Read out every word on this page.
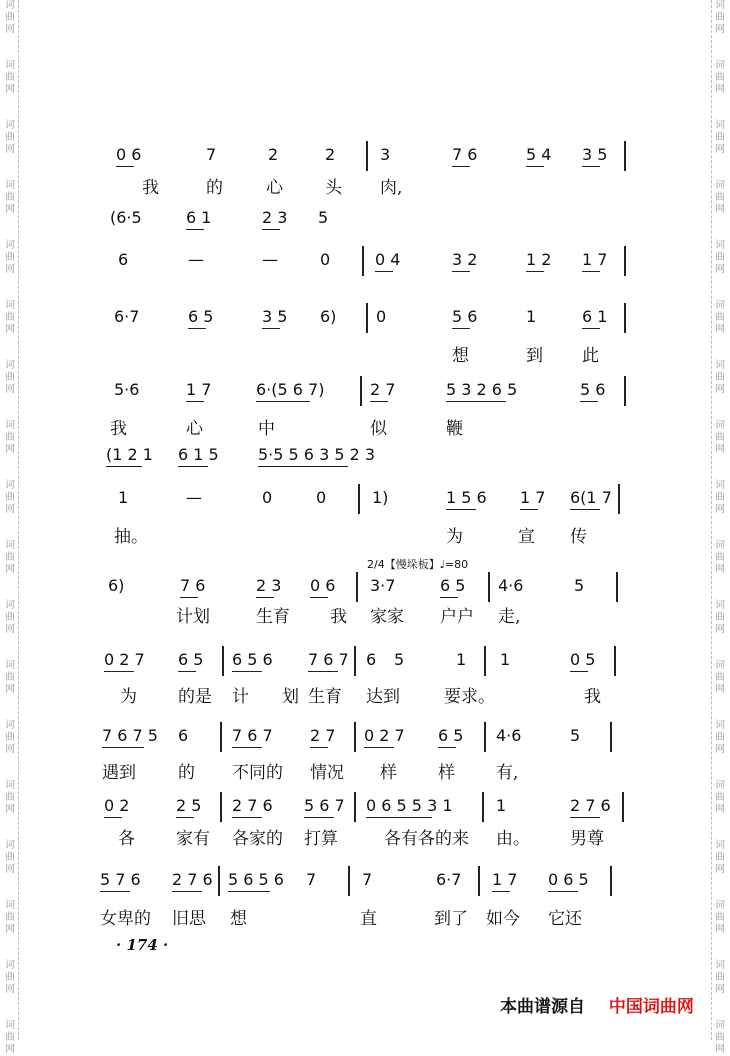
词
曲
网
词
曲
网
词
曲
网
词
曲
网
词
曲
网
词
曲
网
词
曲
网
词
曲
网
词
曲
网
词
曲
网
词
曲
网
词
曲
网
词
曲
网
词
曲
网
词
曲
网
词
曲
网
词
曲
网
词
曲
网
词
曲
网
词
曲
网
词
曲
网
词
曲
网
词
曲
网
词
曲
网
词
曲
网
词
曲
网
词
曲
网
词
曲
网
词
曲
网
词
曲
网
词
曲
网
词
曲
网
词
曲
网
词
曲
网
词
曲
网
词
曲
网
0 6	7	2	2	3	7 6	5 4 3 5
我	的	心 头 肉,
(6·5	6 1	2 3 5
6	—	—	0	0 4	3 2	1 2 1 7
6·7	6 5	3 5 6) 0	5 6	1	6 1
想	到 此
5·6	1 7	6·(5 6 7)	2 7	5 3 2 6 5	5 6
我	心	中	似	鞭
(1 2 1 6 1 5 5·5 5 6 3 5 2 3
1	—	0	0	1)	1 5 6 1 7 6(1 7
抽。	为	宣 传
6)	7 6	2 3 0 6 3·7	6 5 4·6	5
计划	生育 我 家家 户户 走,
0 2 7 6 5 6 5 6 7 6 7 6 5	1 1	0 5
为 的是 计 划 生育 达到	要求。	我
7 6 7 5 6	7 6 7 2 7 0 2 7 6 5 4·6	5
遇到 的 不同的 情况 样 样 有,
0 2	2 5 2 7 6 5 6 7 0 6 5 5 3 1	1	2 7 6
各 家有 各家的 打算	各有各的来 由。 男尊
5 7 6 2 7 6 5 6 5 6 7	7	6·7 1 7 0 6 5
女卑的 旧思 想	直	到了 如今 它还
2/4【慢垛板】♩=80
· 174 ·
本曲谱源自 中国词曲网
